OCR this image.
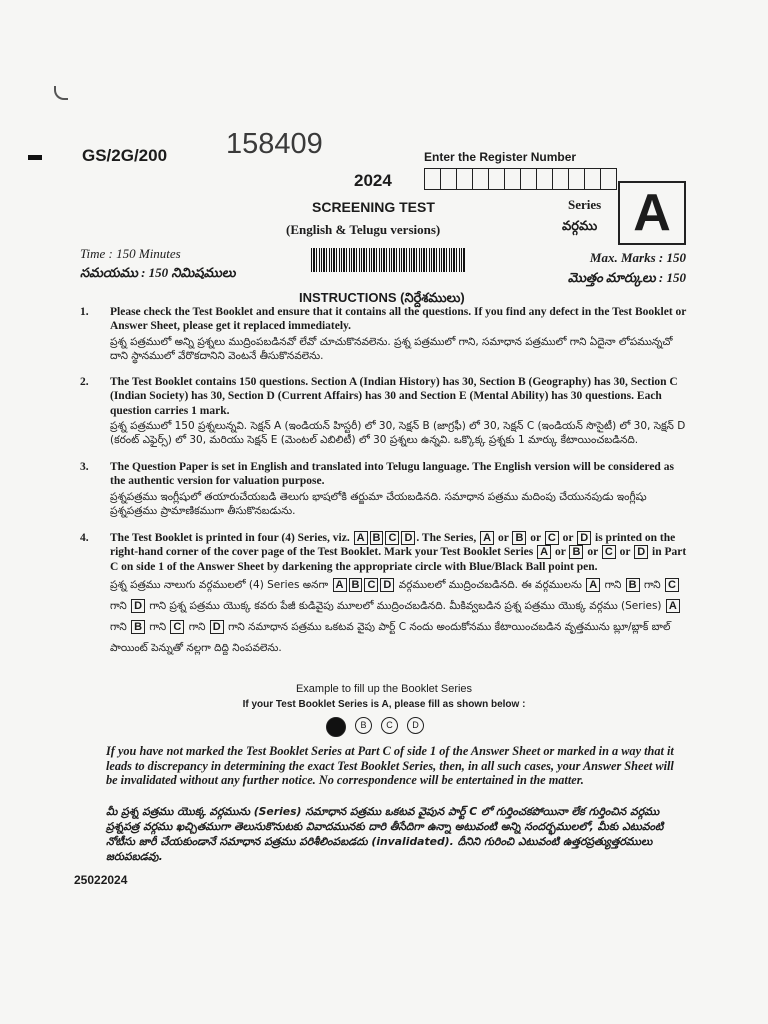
GS/2G/200 158409	Enter the Register Number
2024
SCREENING TEST
(English & Telugu versions)
Series
వర్గము A
Time : 150 Minutes
సమయము : 150 నిమిషములు
Max. Marks : 150
మొత్తం మార్కులు : 150
INSTRUCTIONS (నిర్దేశములు)
1. Please check the Test Booklet and ensure that it contains all the questions. If you find any defect in the Test Booklet or Answer Sheet, please get it replaced immediately.
ప్రశ్న పత్రములో అన్ని ప్రశ్నలు ముద్రింపబడినవో లేవో చూచుకొనవలెను. ప్రశ్న పత్రములో గాని, సమాధాన పత్రములో గాని ఏదైనా లోపమున్నచో దాని స్థానములో వేరొకదానిని వెంటనే తీసుకొనవలెను.
2. The Test Booklet contains 150 questions. Section A (Indian History) has 30, Section B (Geography) has 30, Section C (Indian Society) has 30, Section D (Current Affairs) has 30 and Section E (Mental Ability) has 30 questions. Each question carries 1 mark.
ప్రశ్న పత్రములో 150 ప్రశ్నలున్నవి. సెక్షన్ A (ఇండియన్ హిస్టరీ) లో 30, సెక్షన్ B (జాగ్రఫీ) లో 30, సెక్షన్ C (ఇండియన్ సొసైటీ) లో 30, సెక్షన్ D (కరంట్ ఎఫైర్స్) లో 30, మరియు సెక్షన్ E (మెంటల్ ఎబిలిటీ) లో 30 ప్రశ్నలు ఉన్నవి. ఒక్కొక్క ప్రశ్నకు 1 మార్కు కేటాయించబడినది.
3. The Question Paper is set in English and translated into Telugu language. The English version will be considered as the authentic version for valuation purpose.
ప్రశ్నపత్రము ఇంగ్లీషులో తయారుచేయబడి తెలుగు భాషలోకి తర్జుమా చేయబడినది. సమాధాన పత్రము మదింపు చేయునపుడు ఇంగ్లీషు ప్రశ్నపత్రము ప్రామాణికముగా తీసుకొనబడును.
4. The Test Booklet is printed in four (4) Series, viz. A B C D . The Series, A or B or C or D is printed on the right-hand corner of the cover page of the Test Booklet. Mark your Test Booklet Series A or B or C or D in Part C on side 1 of the Answer Sheet by darkening the appropriate circle with Blue/Black Ball point pen.
ప్రశ్న పత్రము నాలుగు వర్గములలో (4) Series అనగా A B C D వర్గములలో ముద్రించబడినది. ఈ వర్గములను A గాని B గాని C గాని D గాని ప్రశ్న పత్రము యొక్క కవరు పేజీ కుడివైపు మూలలో ముద్రించబడినది. మీకివ్వబడిన ప్రశ్న పత్రము యొక్క వర్గము (Series) A గాని B గాని C గాని D గాని నమాధాన పత్రము ఒకటవ వైపు పార్ట్ C నందు అందుకోనము కేటాయించబడిన వృత్తమును బ్లూ/బ్లాక్ బాల్ పాయింట్ పెన్నుతో నల్లగా దిద్ది నింపవలెను.
Example to fill up the Booklet Series
If your Test Booklet Series is A, please fill as shown below :
B	C	D
If you have not marked the Test Booklet Series at Part C of side 1 of the Answer Sheet or marked in a way that it leads to discrepancy in determining the exact Test Booklet Series, then, in all such cases, your Answer Sheet will be invalidated without any further notice. No correspondence will be entertained in the matter.
మీ ప్రశ్న పత్రము యొక్క వర్గమును (Series) సమాధాన పత్రము ఒకటవ వైపున పార్ట్ C లో గుర్తించకపోయినా లేక గుర్తించిన వర్గము ప్రశ్నపత్ర వర్గము ఖచ్చితముగా తెలుసుకొనుటకు వివాదమునకు దారి తీసేదిగా ఉన్నా అటువంటి అన్ని సందర్భములలో, మీకు ఎటువంటి నోటీసు జారీ చేయకుండానే సమాధాన పత్రము పరిశీలింపబడదు (invalidated). దీనిని గురించి ఎటువంటి ఉత్తరప్రత్యుత్తరములు జరుపబడవు.
25022024
